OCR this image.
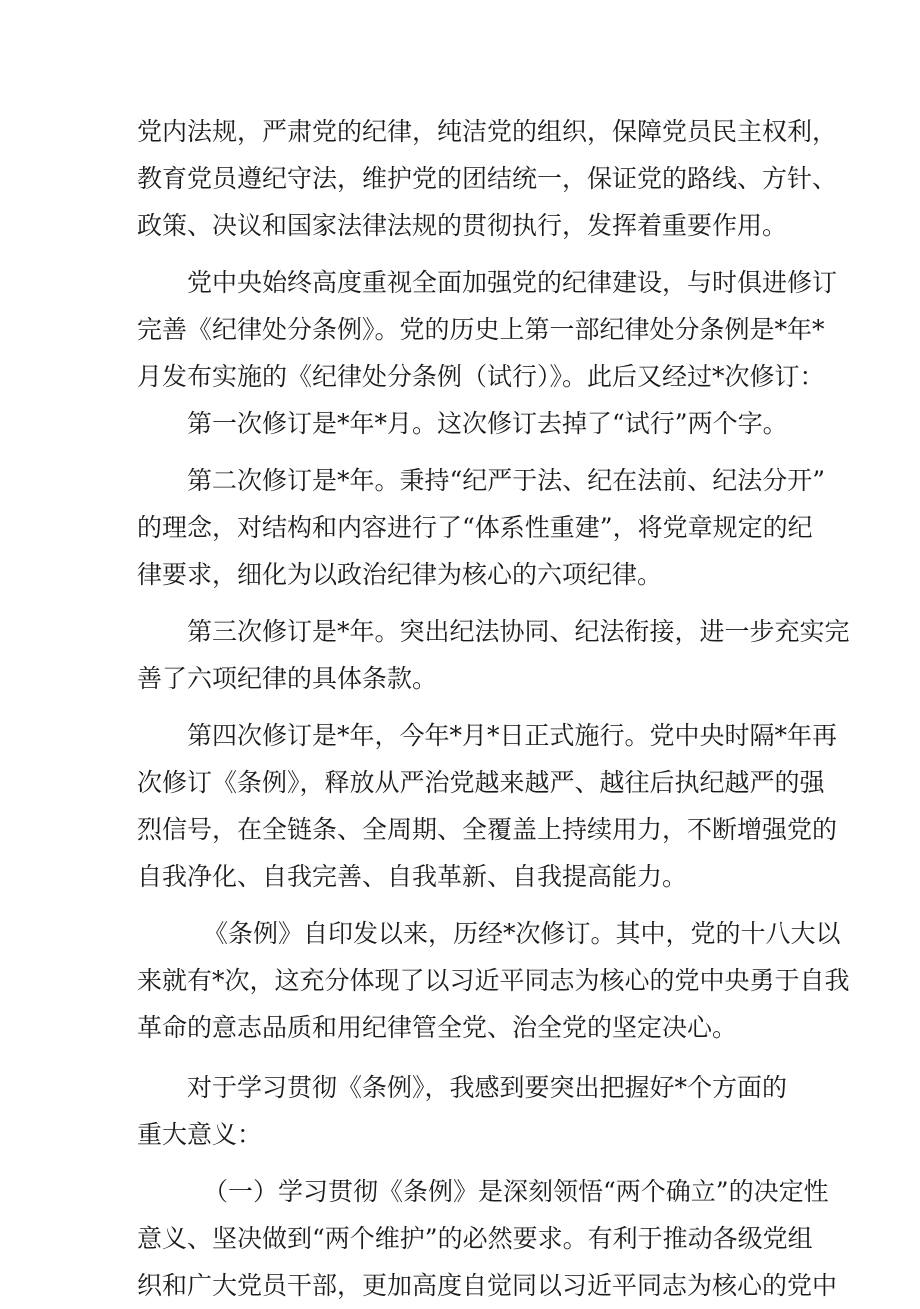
党内法规，严肃党的纪律，纯洁党的组织，保障党员民主权利，
教育党员遵纪守法，维护党的团结统一，保证党的路线、方针、
政策、决议和国家法律法规的贯彻执行，发挥着重要作用。
党中央始终高度重视全面加强党的纪律建设，与时俱进修订
完善《纪律处分条例》。党的历史上第一部纪律处分条例是*年*
月发布实施的《纪律处分条例（试行）》。此后又经过*次修订：
第一次修订是*年*月。这次修订去掉了“试行”两个字。
第二次修订是*年。秉持“纪严于法、纪在法前、纪法分开”
的理念，对结构和内容进行了“体系性重建”，将党章规定的纪
律要求，细化为以政治纪律为核心的六项纪律。
第三次修订是*年。突出纪法协同、纪法衔接，进一步充实完
善了六项纪律的具体条款。
第四次修订是*年，今年*月*日正式施行。党中央时隔*年再
次修订《条例》，释放从严治党越来越严、越往后执纪越严的强
烈信号，在全链条、全周期、全覆盖上持续用力，不断增强党的
自我净化、自我完善、自我革新、自我提高能力。
《条例》自印发以来，历经*次修订。其中，党的十八大以
来就有*次，这充分体现了以习近平同志为核心的党中央勇于自我
革命的意志品质和用纪律管全党、治全党的坚定决心。
对于学习贯彻《条例》，我感到要突出把握好*个方面的
重大意义：
（一）学习贯彻《条例》是深刻领悟“两个确立”的决定性
意义、坚决做到“两个维护”的必然要求。有利于推动各级党组
织和广大党员干部，更加高度自觉同以习近平同志为核心的党中
